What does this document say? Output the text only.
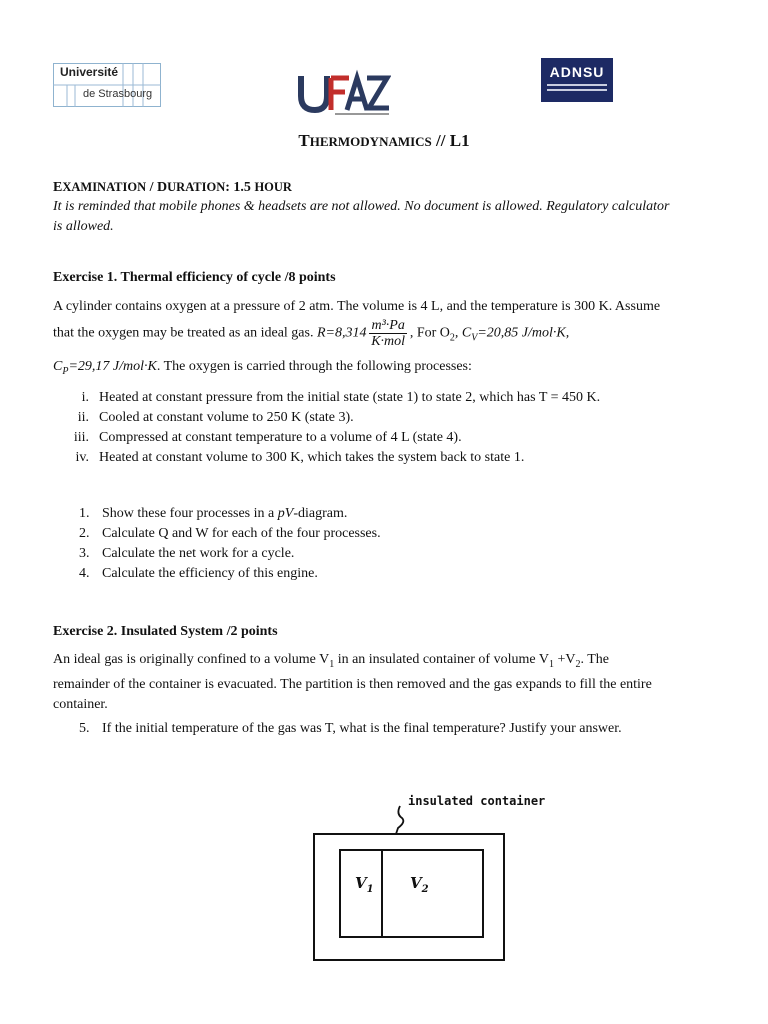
Université
de Strasbourg
ADNSU
THERMODYNAMICS // L1
EXAMINATION / DURATION: 1.5 HOUR
It is reminded that mobile phones & headsets are not allowed. No document is allowed. Regulatory calculator is allowed.
Exercise 1. Thermal efficiency of cycle /8 points
A cylinder contains oxygen at a pressure of 2 atm. The volume is 4 L, and the temperature is 300 K. Assume
that the oxygen may be treated as an ideal gas. $R=8,314 \frac{\text{m³·Pa}}{\text{K·mol}}$ , For $O_2$, $C_V=20,85$ J/mol·K,
$C_P=29,17$ J/mol·K. The oxygen is carried through the following processes:
i. Heated at constant pressure from the initial state (state 1) to state 2, which has T = 450 K.
ii. Cooled at constant volume to 250 K (state 3).
iii. Compressed at constant temperature to a volume of 4 L (state 4).
iv. Heated at constant volume to 300 K, which takes the system back to state 1.
1. Show these four processes in a pV-diagram.
2. Calculate Q and W for each of the four processes.
3. Calculate the net work for a cycle.
4. Calculate the efficiency of this engine.
Exercise 2. Insulated System /2 points
An ideal gas is originally confined to a volume $V_1$ in an insulated container of volume $V_1 +V_2$. The
remainder of the container is evacuated. The partition is then removed and the gas expands to fill the entire
container.
5. If the initial temperature of the gas was T, what is the final temperature? Justify your answer.
insulated container
$V_1$ $V_2$
